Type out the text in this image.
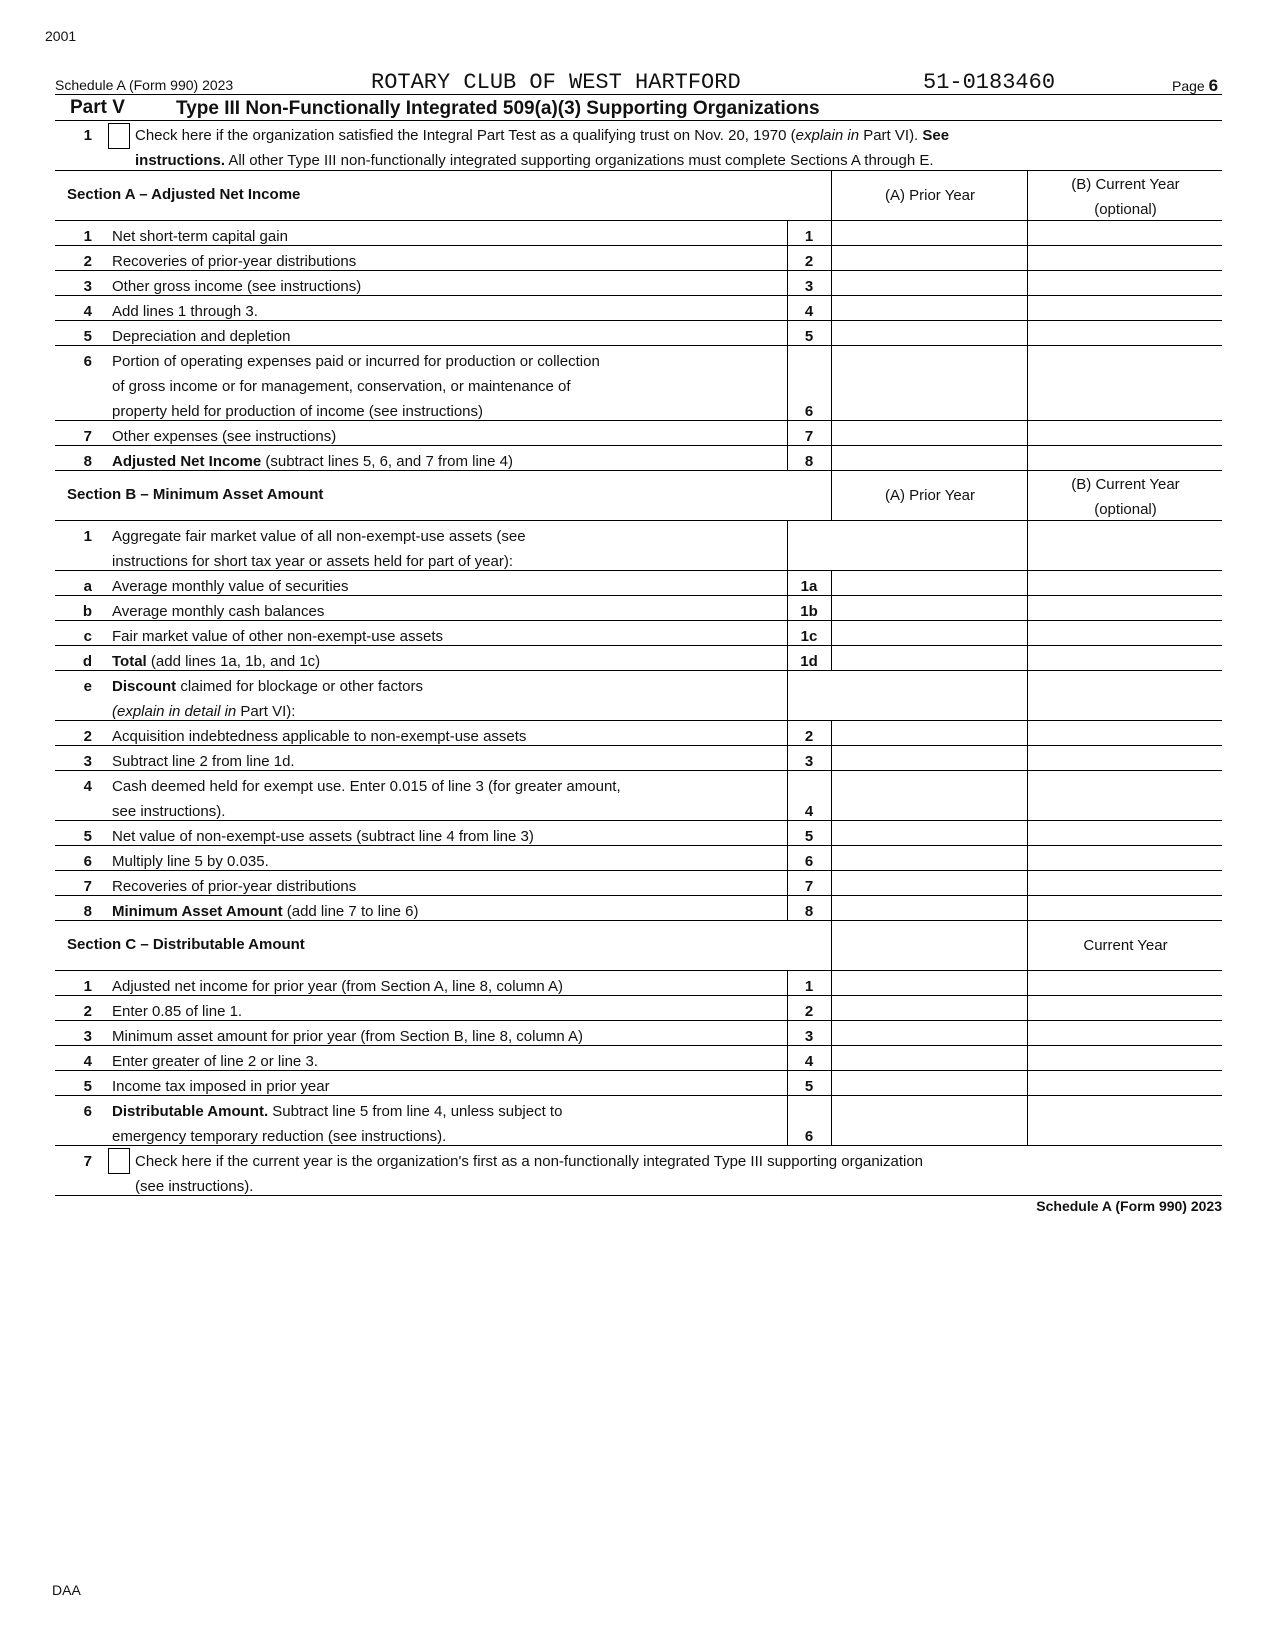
2001
Schedule A (Form 990) 2023	ROTARY CLUB OF WEST HARTFORD	51-0183460	Page 6
Part V	Type III Non-Functionally Integrated 509(a)(3) Supporting Organizations
1	Check here if the organization satisfied the Integral Part Test as a qualifying trust on Nov. 20, 1970 (explain in Part VI). See
instructions. All other Type III non-functionally integrated supporting organizations must complete Sections A through E.
Section A – Adjusted Net Income	(A) Prior Year
(B) Current Year
(optional)
1 Net short-term capital gain	1
2 Recoveries of prior-year distributions	2
3 Other gross income (see instructions)	3
4 Add lines 1 through 3.	4
5 Depreciation and depletion	5
6 Portion of operating expenses paid or incurred for production or collection
of gross income or for management, conservation, or maintenance of
property held for production of income (see instructions)	6
7 Other expenses (see instructions)	7
8 Adjusted Net Income (subtract lines 5, 6, and 7 from line 4)	8
Section B – Minimum Asset Amount	(A) Prior Year
(B) Current Year
(optional)
1 Aggregate fair market value of all non-exempt-use assets (see
instructions for short tax year or assets held for part of year):
a Average monthly value of securities	1a
b Average monthly cash balances	1b
c Fair market value of other non-exempt-use assets	1c
d Total (add lines 1a, 1b, and 1c)	1d
e Discount claimed for blockage or other factors
(explain in detail in Part VI):
2 Acquisition indebtedness applicable to non-exempt-use assets	2
3 Subtract line 2 from line 1d.	3
4 Cash deemed held for exempt use. Enter 0.015 of line 3 (for greater amount,
see instructions).	4
5 Net value of non-exempt-use assets (subtract line 4 from line 3)	5
6 Multiply line 5 by 0.035.	6
7 Recoveries of prior-year distributions	7
8 Minimum Asset Amount (add line 7 to line 6)	8
Section C – Distributable Amount	Current Year
1 Adjusted net income for prior year (from Section A, line 8, column A)	1
2 Enter 0.85 of line 1.	2
3 Minimum asset amount for prior year (from Section B, line 8, column A)	3
4 Enter greater of line 2 or line 3.	4
5 Income tax imposed in prior year	5
6 Distributable Amount. Subtract line 5 from line 4, unless subject to
emergency temporary reduction (see instructions).	6
7	Check here if the current year is the organization's first as a non-functionally integrated Type III supporting organization
(see instructions).
Schedule A (Form 990) 2023
DAA
